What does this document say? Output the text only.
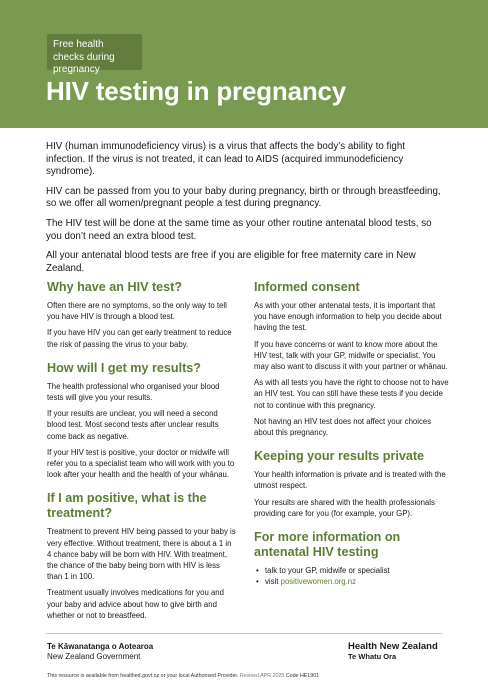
Free health checks during pregnancy
HIV testing in pregnancy

HIV (human immunodeficiency virus) is a virus that affects the body’s ability to fight infection. If the virus is not treated, it can lead to AIDS (acquired immunodeficiency syndrome).

HIV can be passed from you to your baby during pregnancy, birth or through breastfeeding, so we offer all women/pregnant people a test during pregnancy.

The HIV test will be done at the same time as your other routine antenatal blood tests, so you don’t need an extra blood test.

All your antenatal blood tests are free if you are eligible for free maternity care in New Zealand.

Why have an HIV test?

Often there are no symptoms, so the only way to tell you have HIV is through a blood test.

If you have HIV you can get early treatment to reduce the risk of passing the virus to your baby.

How will I get my results?

The health professional who organised your blood tests will give you your results.

If your results are unclear, you will need a second blood test. Most second tests after unclear results come back as negative.

If your HIV test is positive, your doctor or midwife will refer you to a specialist team who will work with you to look after your health and the health of your whānau.

If I am positive, what is the treatment?

Treatment to prevent HIV being passed to your baby is very effective. Without treatment, there is about a 1 in 4 chance baby will be born with HIV. With treatment, the chance of the baby being born with HIV is less than 1 in 100.

Treatment usually involves medications for you and your baby and advice about how to give birth and whether or not to breastfeed.

Informed consent

As with your other antenatal tests, it is important that you have enough information to help you decide about having the test.

If you have concerns or want to know more about the HIV test, talk with your GP, midwife or specialist. You may also want to discuss it with your partner or whānau.

As with all tests you have the right to choose not to have an HIV test. You can still have these tests if you decide not to continue with this pregnancy.

Not having an HIV test does not affect your choices about this pregnancy.

Keeping your results private

Your health information is private and is treated with the utmost respect.

Your results are shared with the health professionals providing care for you (for example, your GP).

For more information on antenatal HIV testing
• talk to your GP, midwife or specialist
• visit positivewomen.org.nz
Te Kāwanatanga o Aotearoa
New Zealand Government
Health New Zealand
Te Whatu Ora
This resource is available from healthed.govt.nz or your local Authorised Provider. Revised APR 2025 Code HE1901
